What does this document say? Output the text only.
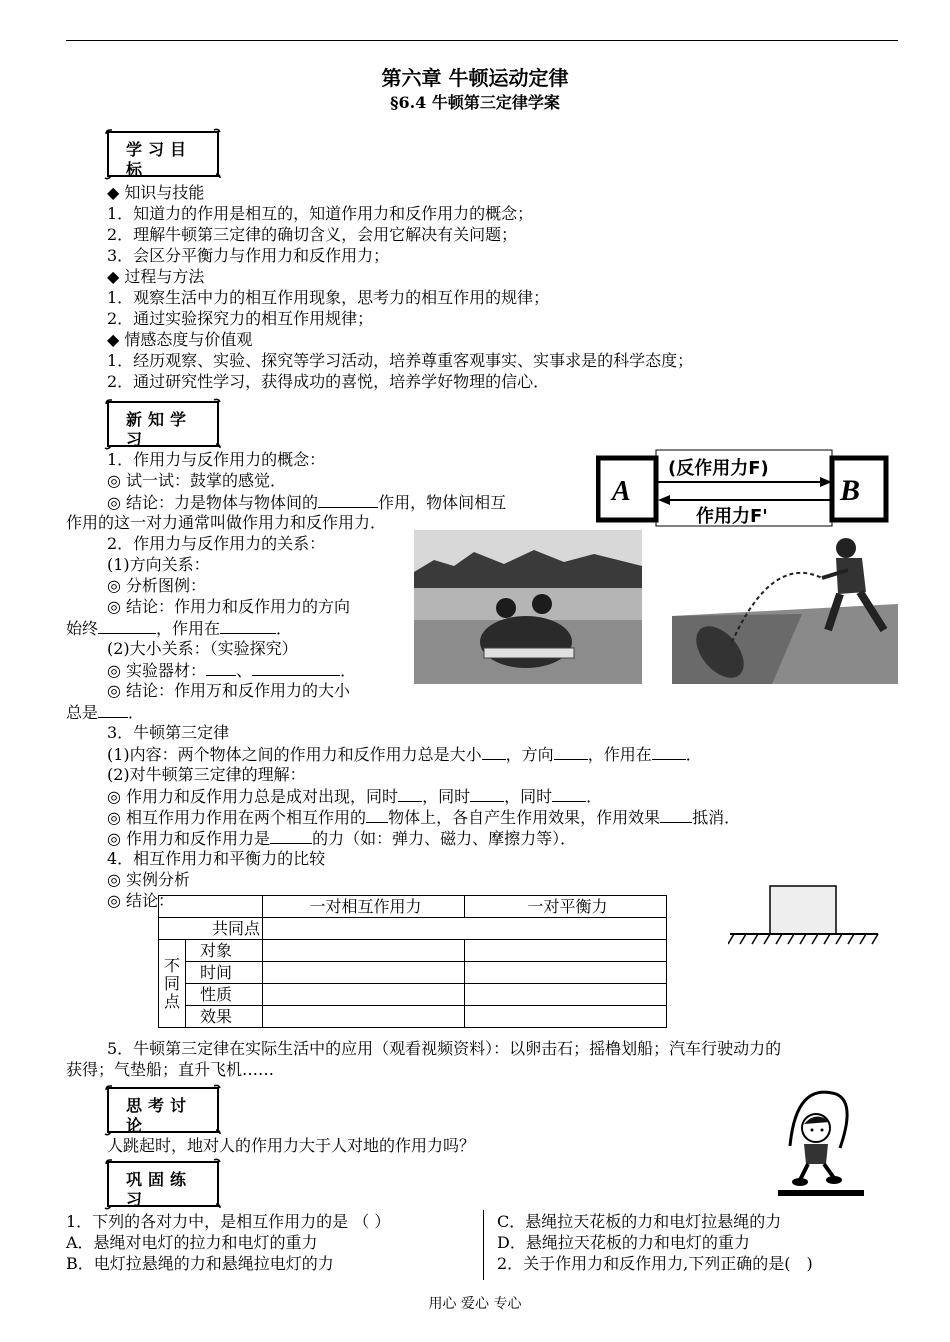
第六章 牛顿运动定律
§6.4 牛顿第三定律学案
学习目标
◆ 知识与技能
1．知道力的作用是相互的，知道作用力和反作用力的概念；
2．理解牛顿第三定律的确切含义，会用它解决有关问题；
3．会区分平衡力与作用力和反作用力；
◆ 过程与方法
1．观察生活中力的相互作用现象，思考力的相互作用的规律；
2．通过实验探究力的相互作用规律；
◆ 情感态度与价值观
1．经历观察、实验、探究等学习活动，培养尊重客观事实、实事求是的科学态度；
2．通过研究性学习，获得成功的喜悦，培养学好物理的信心．
新知学习
1．作用力与反作用力的概念：
◎ 试一试：鼓掌的感觉．
◎ 结论：力是物体与物体间的	作用，物体间相互
作用的这一对力通常叫做作用力和反作用力．
2．作用力与反作用力的关系：
(1)方向关系：
◎ 分析图例：
◎ 结论：作用力和反作用力的方向
始终	，作用在	．
(2)大小关系：（实验探究）
◎ 实验器材： 、	．
◎ 结论：作用万和反作用力的大小
总是 ．
3．牛顿第三定律
(1)内容：两个物体之间的作用力和反作用力总是大小 ，方向 ，作用在 ．
(2)对牛顿第三定律的理解：
◎ 作用力和反作用力总是成对出现，同时 ，同时 ，同时 ．
◎ 相互作用力作用在两个相互作用的 物体上，各自产生作用效果，作用效果 抵消．
◎ 作用力和反作用力是	的力（如：弹力、磁力、摩擦力等）．
4．相互作用力和平衡力的比较
◎ 实例分析
◎ 结论：
		一对相互作用力	一对平衡力
共同点			
不同点	对象		
	时间		
	性质		
	效果		
5．牛顿第三定律在实际生活中的应用（观看视频资料）：以卵击石；摇橹划船；汽车行驶动力的
获得；气垫船；直升飞机……
A	B
(反作用力F)
作用力F'
思考讨论
人跳起时，地对人的作用力大于人对地的作用力吗？
巩固练习
1．下列的各对力中，是相互作用力的是 （ ）
A．悬绳对电灯的拉力和电灯的重力
B．电灯拉悬绳的力和悬绳拉电灯的力
C．悬绳拉天花板的力和电灯拉悬绳的力
D．悬绳拉天花板的力和电灯的重力
2．关于作用力和反作用力,下列正确的是(　)
用心 爱心 专心
